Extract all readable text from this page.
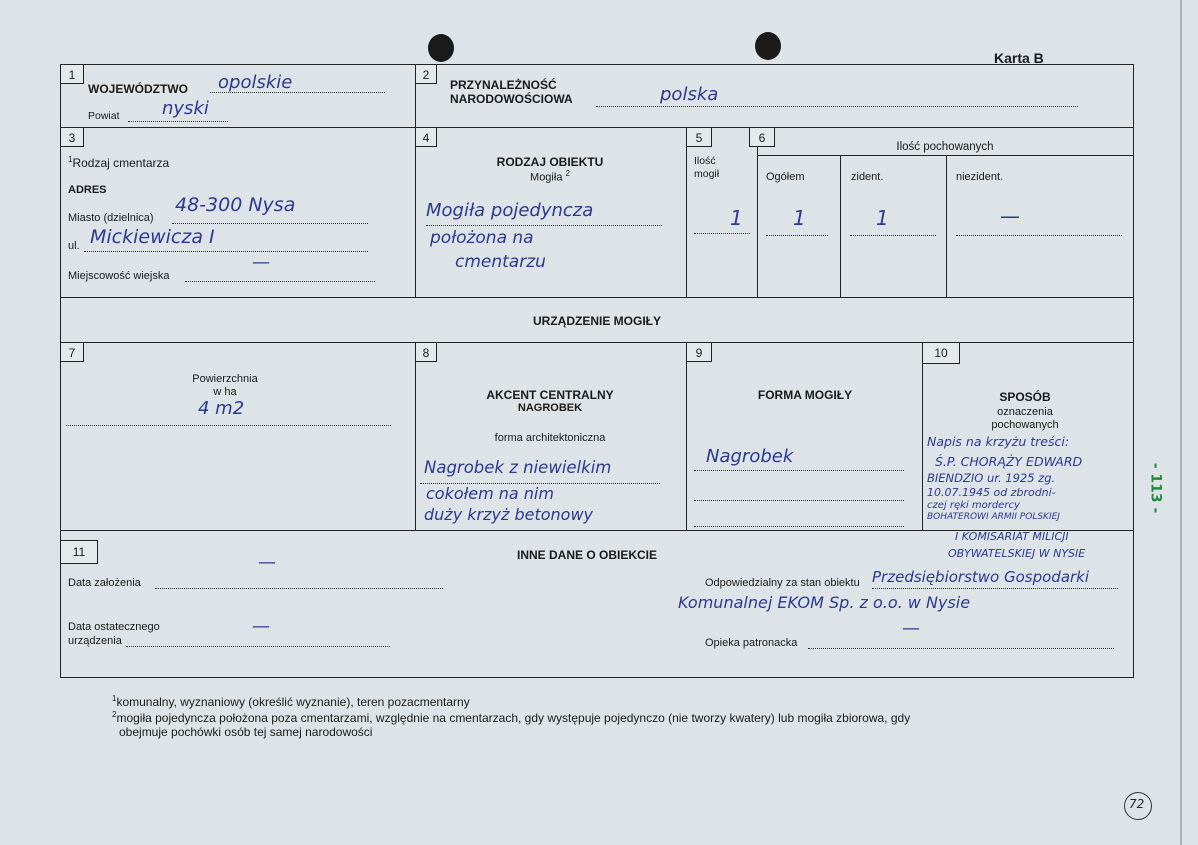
Karta B
1	2
3	4	5	6
7	8	9	10
11
WOJEWÓDZTWO opolskie
Powiat nyski
PRZYNALEŻNOŚĆ
NARODOWOŚCIOWA	polska
$^1$Rodzaj cmentarza
ADRES
Miasto (dzielnica)
48-300 Nysa
ul. Mickiewicza I
Miejscowość wiejska
—
RODZAJ OBIEKTU
Mogiła $^2$
Mogiła pojedyncza
położona na
cmentarzu
Ilość
mogił
1
Ilość pochowanych
Ogółem	zident.	niezident.
1	1	—
URZĄDZENIE MOGIŁY
Powierzchnia
w ha
4 m2
AKCENT CENTRALNY
NAGROBEK
forma architektoniczna
Nagrobek z niewielkim
cokołem na nim
duży krzyż betonowy
FORMA MOGIŁY
Nagrobek
SPOSÓB
oznaczenia
pochowanych
Napis na krzyżu treści:
Ś.P. CHORĄŻY EDWARD
BIENDZIO ur. 1925 zg.
10.07.1945 od zbrodni-
czej ręki mordercy
BOHATEROWI ARMII POLSKIEJ
I KOMISARIAT MILICJI
OBYWATELSKIEJ W NYSIE
INNE DANE O OBIEKCIE
Data założenia
—
Data ostatecznego
urządzenia
—
Odpowiedzialny za stan obiektu Przedsiębiorstwo Gospodarki
Komunalnej EKOM Sp. z o.o. w Nysie
Opieka patronacka
—
$^1$komunalny, wyznaniowy (określić wyznanie), teren pozacmentarny
$^2$mogiła pojedyncza położona poza cmentarzami, względnie na cmentarzach, gdy występuje pojedynczo (nie tworzy kwatery) lub mogiła zbiorowa, gdy
obejmuje pochówki osób tej samej narodowości
- 113 -
72
